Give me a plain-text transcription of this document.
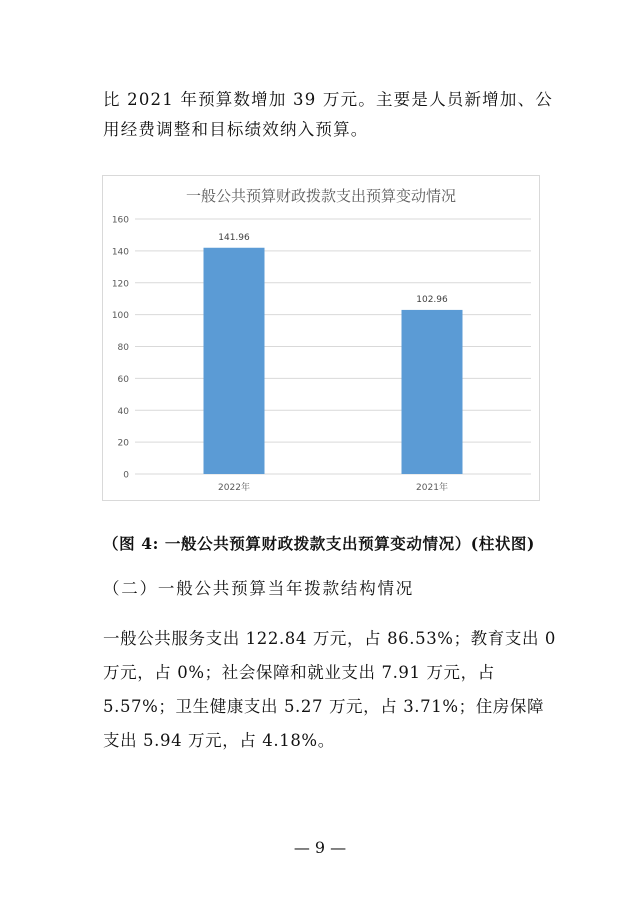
比 2021 年预算数增加 39 万元。主要是人员新增加、公用经费调整和目标绩效纳入预算。
一般公共预算财政拨款支出预算变动情况
0
20
40
60
80
100
120
140
160
141.96
2022年
102.96
2021年
（图 4: 一般公共预算财政拨款支出预算变动情况）(柱状图)
（二）一般公共预算当年拨款结构情况
一般公共服务支出 122.84 万元，占 86.53%；教育支出 0 万元，占 0%；社会保障和就业支出 7.91 万元，占 5.57%；卫生健康支出 5.27 万元，占 3.71%；住房保障支出 5.94 万元，占 4.18%。
— 9 —
